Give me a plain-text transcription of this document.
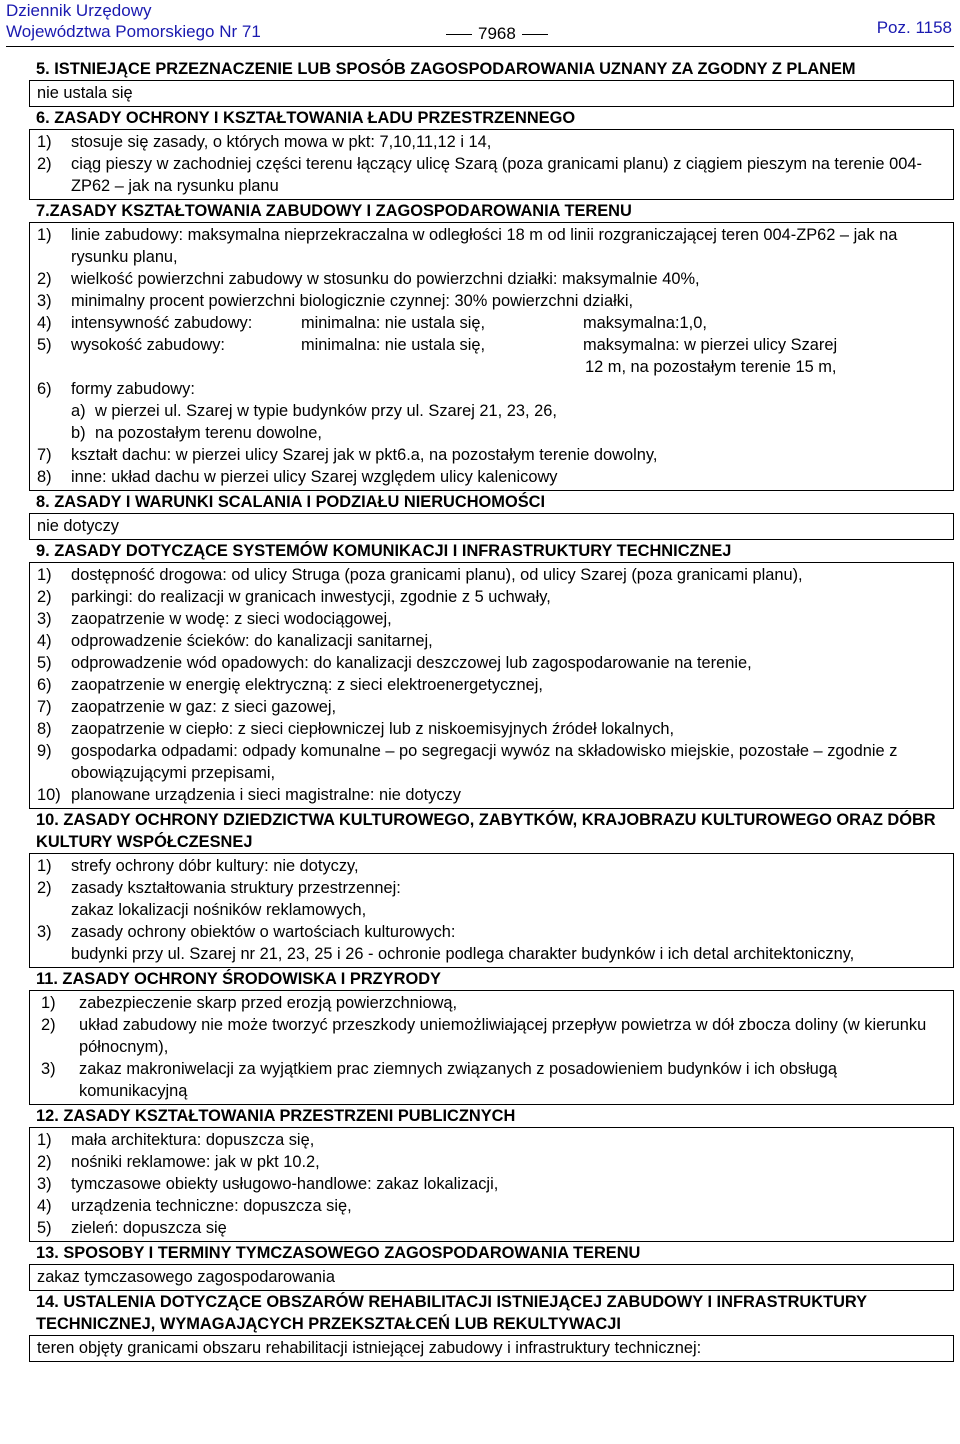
Dziennik Urzędowy
Województwa Pomorskiego Nr 71	7968	Poz. 1158
5. ISTNIEJĄCE PRZEZNACZENIE LUB SPOSÓB ZAGOSPODAROWANIA UZNANY ZA ZGODNY Z PLANEM
nie ustala się
6. ZASADY OCHRONY I KSZTAŁTOWANIA ŁADU PRZESTRZENNEGO
1)	stosuje się zasady, o których mowa w pkt: 7,10,11,12 i 14,
2)	ciąg pieszy w zachodniej części terenu łączący ulicę Szarą (poza granicami planu) z ciągiem pieszym na terenie 004-ZP62 – jak na rysunku planu
7.ZASADY KSZTAŁTOWANIA ZABUDOWY I ZAGOSPODAROWANIA TERENU
1)	linie zabudowy: maksymalna nieprzekraczalna w odległości 18 m od linii rozgraniczającej teren 004-ZP62 – jak na rysunku planu,
2)	wielkość powierzchni zabudowy w stosunku do powierzchni działki: maksymalnie 40%,
3)	minimalny procent powierzchni biologicznie czynnej: 30% powierzchni działki,
4)	intensywność zabudowy:	minimalna: nie ustala się,	maksymalna:1,0,
5)	wysokość zabudowy:	minimalna: nie ustala się,	maksymalna: w pierzei ulicy Szarej
12 m, na pozostałym terenie 15 m,
6)	formy zabudowy:
a) w pierzei ul. Szarej w typie budynków przy ul. Szarej 21, 23, 26,
b) na pozostałym terenu dowolne,
7)	kształt dachu: w pierzei ulicy Szarej jak w pkt6.a, na pozostałym terenie dowolny,
8)	inne: układ dachu w pierzei ulicy Szarej względem ulicy kalenicowy
8. ZASADY I WARUNKI SCALANIA I PODZIAŁU NIERUCHOMOŚCI
nie dotyczy
9. ZASADY DOTYCZĄCE SYSTEMÓW KOMUNIKACJI I INFRASTRUKTURY TECHNICZNEJ
1)	dostępność drogowa: od ulicy Struga (poza granicami planu), od ulicy Szarej (poza granicami planu),
2)	parkingi: do realizacji w granicach inwestycji, zgodnie z 5 uchwały,
3)	zaopatrzenie w wodę: z sieci wodociągowej,
4)	odprowadzenie ścieków: do kanalizacji sanitarnej,
5)	odprowadzenie wód opadowych: do kanalizacji deszczowej lub zagospodarowanie na terenie,
6)	zaopatrzenie w energię elektryczną: z sieci elektroenergetycznej,
7)	zaopatrzenie w gaz: z sieci gazowej,
8)	zaopatrzenie w ciepło: z sieci ciepłowniczej lub z niskoemisyjnych źródeł lokalnych,
9)	gospodarka odpadami: odpady komunalne – po segregacji wywóz na składowisko miejskie, pozostałe – zgodnie z obowiązującymi przepisami,
10) planowane urządzenia i sieci magistralne: nie dotyczy
10. ZASADY OCHRONY DZIEDZICTWA KULTUROWEGO, ZABYTKÓW, KRAJOBRAZU KULTUROWEGO ORAZ DÓBR KULTURY WSPÓŁCZESNEJ
1)	strefy ochrony dóbr kultury: nie dotyczy,
2)	zasady kształtowania struktury przestrzennej:
zakaz lokalizacji nośników reklamowych,
3)	zasady ochrony obiektów o wartościach kulturowych:
budynki przy ul. Szarej nr 21, 23, 25 i 26 - ochronie podlega charakter budynków i ich detal architektoniczny,
11. ZASADY OCHRONY ŚRODOWISKA I PRZYRODY
1)	zabezpieczenie skarp przed erozją powierzchniową,
2)	układ zabudowy nie może tworzyć przeszkody uniemożliwiającej przepływ powietrza w dół zbocza doliny (w kierunku północnym),
3)	zakaz makroniwelacji za wyjątkiem prac ziemnych związanych z posadowieniem budynków i ich obsługą komunikacyjną
12. ZASADY KSZTAŁTOWANIA PRZESTRZENI PUBLICZNYCH
1)	mała architektura: dopuszcza się,
2)	nośniki reklamowe: jak w pkt 10.2,
3)	tymczasowe obiekty usługowo-handlowe: zakaz lokalizacji,
4)	urządzenia techniczne: dopuszcza się,
5)	zieleń: dopuszcza się
13. SPOSOBY I TERMINY TYMCZASOWEGO ZAGOSPODAROWANIA TERENU
zakaz tymczasowego zagospodarowania
14. USTALENIA DOTYCZĄCE OBSZARÓW REHABILITACJI ISTNIEJĄCEJ ZABUDOWY I INFRASTRUKTURY TECHNICZNEJ, WYMAGAJĄCYCH PRZEKSZTAŁCEŃ LUB REKULTYWACJI
teren objęty granicami obszaru rehabilitacji istniejącej zabudowy i infrastruktury technicznej:
